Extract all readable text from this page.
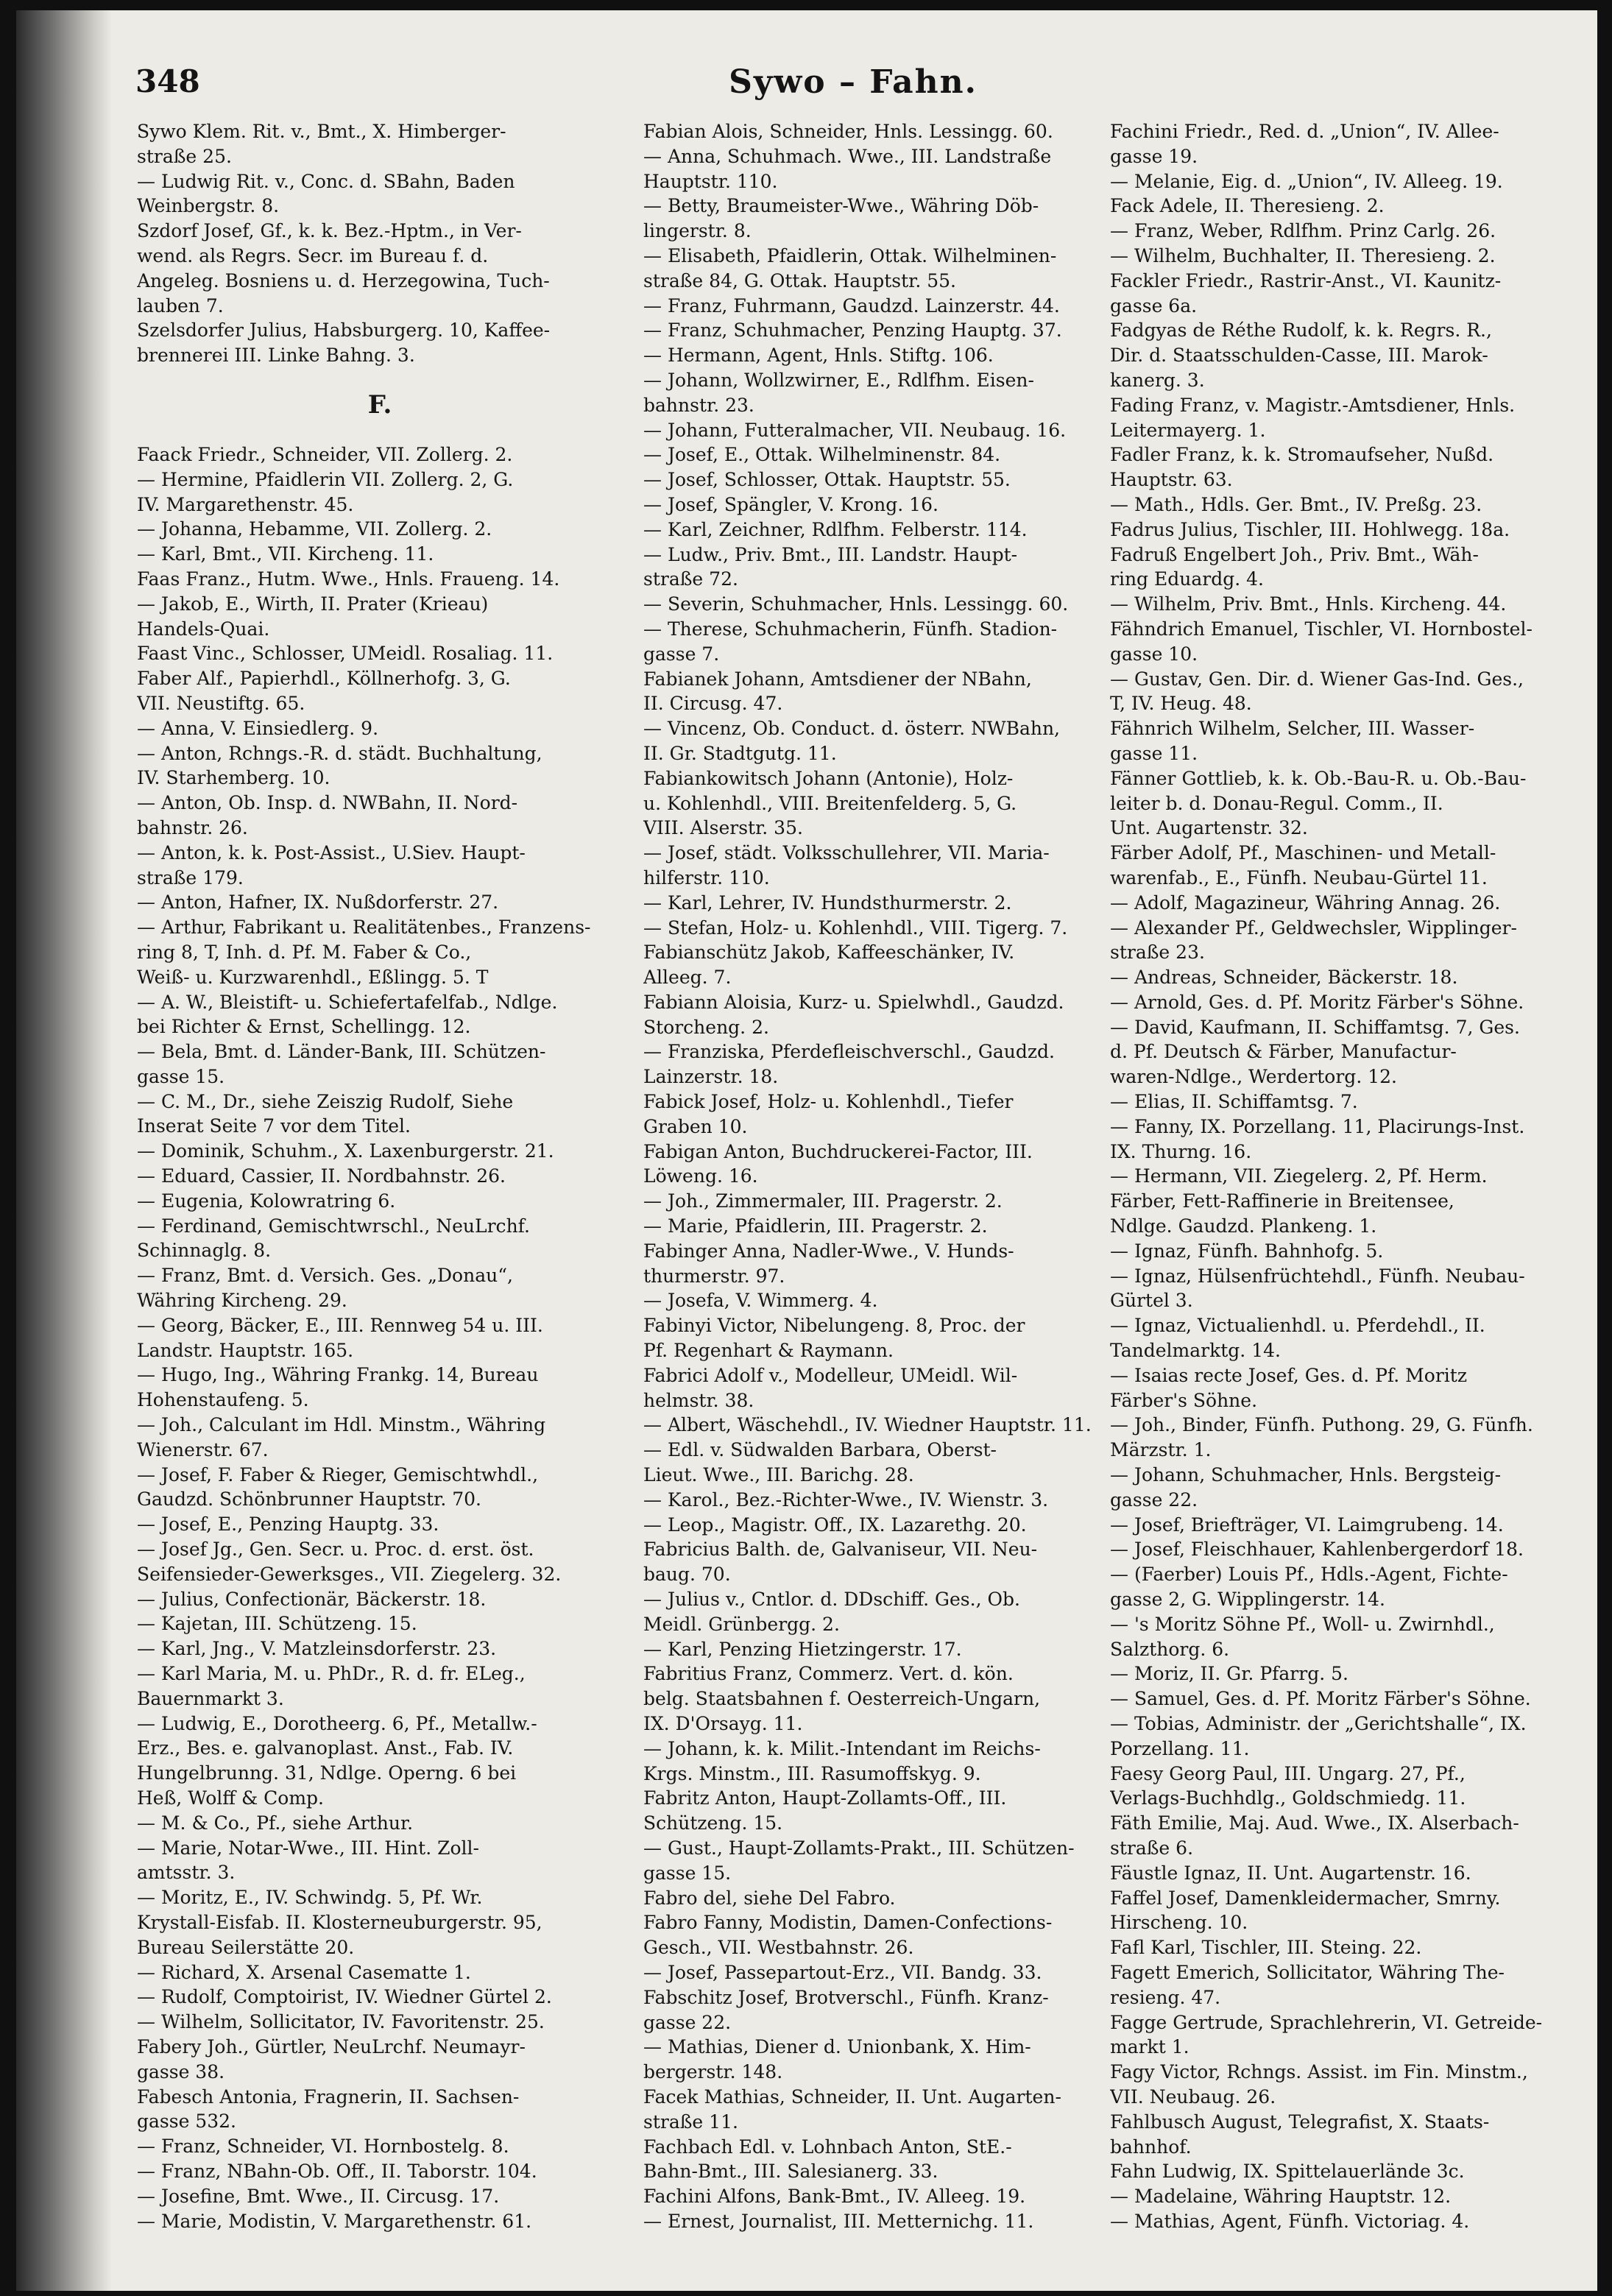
348	Sywo – Fahn.
Sywo Klem. Rit. v., Bmt., X. Himberger-
straße 25.
— Ludwig Rit. v., Conc. d. SBahn, Baden
Weinbergstr. 8.
Szdorf Josef, Gf., k. k. Bez.-Hptm., in Ver-
wend. als Regrs. Secr. im Bureau f. d.
Angeleg. Bosniens u. d. Herzegowina, Tuch-
lauben 7.
Szelsdorfer Julius, Habsburgerg. 10, Kaffee-
brennerei III. Linke Bahng. 3.
F.
Faack Friedr., Schneider, VII. Zollerg. 2.
— Hermine, Pfaidlerin VII. Zollerg. 2, G.
IV. Margarethenstr. 45.
— Johanna, Hebamme, VII. Zollerg. 2.
— Karl, Bmt., VII. Kircheng. 11.
Faas Franz., Hutm. Wwe., Hnls. Fraueng. 14.
— Jakob, E., Wirth, II. Prater (Krieau)
Handels-Quai.
Faast Vinc., Schlosser, UMeidl. Rosaliag. 11.
Faber Alf., Papierhdl., Köllnerhofg. 3, G.
VII. Neustiftg. 65.
— Anna, V. Einsiedlerg. 9.
— Anton, Rchngs.-R. d. städt. Buchhaltung,
IV. Starhemberg. 10.
— Anton, Ob. Insp. d. NWBahn, II. Nord-
bahnstr. 26.
— Anton, k. k. Post-Assist., U.Siev. Haupt-
straße 179.
— Anton, Hafner, IX. Nußdorferstr. 27.
— Arthur, Fabrikant u. Realitätenbes., Franzens-
ring 8, T, Inh. d. Pf. M. Faber & Co.,
Weiß- u. Kurzwarenhdl., Eßlingg. 5. T
— A. W., Bleistift- u. Schiefertafelfab., Ndlge.
bei Richter & Ernst, Schellingg. 12.
— Bela, Bmt. d. Länder-Bank, III. Schützen-
gasse 15.
— C. M., Dr., siehe Zeiszig Rudolf, Siehe
Inserat Seite 7 vor dem Titel.
— Dominik, Schuhm., X. Laxenburgerstr. 21.
— Eduard, Cassier, II. Nordbahnstr. 26.
— Eugenia, Kolowratring 6.
— Ferdinand, Gemischtwrschl., NeuLrchf.
Schinnaglg. 8.
— Franz, Bmt. d. Versich. Ges. „Donau“,
Währing Kircheng. 29.
— Georg, Bäcker, E., III. Rennweg 54 u. III.
Landstr. Hauptstr. 165.
— Hugo, Ing., Währing Frankg. 14, Bureau
Hohenstaufeng. 5.
— Joh., Calculant im Hdl. Minstm., Währing
Wienerstr. 67.
— Josef, F. Faber & Rieger, Gemischtwhdl.,
Gaudzd. Schönbrunner Hauptstr. 70.
— Josef, E., Penzing Hauptg. 33.
— Josef Jg., Gen. Secr. u. Proc. d. erst. öst.
Seifensieder-Gewerksges., VII. Ziegelerg. 32.
— Julius, Confectionär, Bäckerstr. 18.
— Kajetan, III. Schützeng. 15.
— Karl, Jng., V. Matzleinsdorferstr. 23.
— Karl Maria, M. u. PhDr., R. d. fr. ELeg.,
Bauernmarkt 3.
— Ludwig, E., Dorotheerg. 6, Pf., Metallw.-
Erz., Bes. e. galvanoplast. Anst., Fab. IV.
Hungelbrunng. 31, Ndlge. Operng. 6 bei
Heß, Wolff & Comp.
— M. & Co., Pf., siehe Arthur.
— Marie, Notar-Wwe., III. Hint. Zoll-
amtsstr. 3.
— Moritz, E., IV. Schwindg. 5, Pf. Wr.
Krystall-Eisfab. II. Klosterneuburgerstr. 95,
Bureau Seilerstätte 20.
— Richard, X. Arsenal Casematte 1.
— Rudolf, Comptoirist, IV. Wiedner Gürtel 2.
— Wilhelm, Sollicitator, IV. Favoritenstr. 25.
Fabery Joh., Gürtler, NeuLrchf. Neumayr-
gasse 38.
Fabesch Antonia, Fragnerin, II. Sachsen-
gasse 532.
— Franz, Schneider, VI. Hornbostelg. 8.
— Franz, NBahn-Ob. Off., II. Taborstr. 104.
— Josefine, Bmt. Wwe., II. Circusg. 17.
— Marie, Modistin, V. Margarethenstr. 61.
Fabian Alois, Schneider, Hnls. Lessingg. 60.
— Anna, Schuhmach. Wwe., III. Landstraße
Hauptstr. 110.
— Betty, Braumeister-Wwe., Währing Döb-
lingerstr. 8.
— Elisabeth, Pfaidlerin, Ottak. Wilhelminen-
straße 84, G. Ottak. Hauptstr. 55.
— Franz, Fuhrmann, Gaudzd. Lainzerstr. 44.
— Franz, Schuhmacher, Penzing Hauptg. 37.
— Hermann, Agent, Hnls. Stiftg. 106.
— Johann, Wollzwirner, E., Rdlfhm. Eisen-
bahnstr. 23.
— Johann, Futteralmacher, VII. Neubaug. 16.
— Josef, E., Ottak. Wilhelminenstr. 84.
— Josef, Schlosser, Ottak. Hauptstr. 55.
— Josef, Spängler, V. Krong. 16.
— Karl, Zeichner, Rdlfhm. Felberstr. 114.
— Ludw., Priv. Bmt., III. Landstr. Haupt-
straße 72.
— Severin, Schuhmacher, Hnls. Lessingg. 60.
— Therese, Schuhmacherin, Fünfh. Stadion-
gasse 7.
Fabianek Johann, Amtsdiener der NBahn,
II. Circusg. 47.
— Vincenz, Ob. Conduct. d. österr. NWBahn,
II. Gr. Stadtgutg. 11.
Fabiankowitsch Johann (Antonie), Holz-
u. Kohlenhdl., VIII. Breitenfelderg. 5, G.
VIII. Alserstr. 35.
— Josef, städt. Volksschullehrer, VII. Maria-
hilferstr. 110.
— Karl, Lehrer, IV. Hundsthurmerstr. 2.
— Stefan, Holz- u. Kohlenhdl., VIII. Tigerg. 7.
Fabianschütz Jakob, Kaffeeschänker, IV.
Alleeg. 7.
Fabiann Aloisia, Kurz- u. Spielwhdl., Gaudzd.
Storcheng. 2.
— Franziska, Pferdefleischverschl., Gaudzd.
Lainzerstr. 18.
Fabick Josef, Holz- u. Kohlenhdl., Tiefer
Graben 10.
Fabigan Anton, Buchdruckerei-Factor, III.
Löweng. 16.
— Joh., Zimmermaler, III. Pragerstr. 2.
— Marie, Pfaidlerin, III. Pragerstr. 2.
Fabinger Anna, Nadler-Wwe., V. Hunds-
thurmerstr. 97.
— Josefa, V. Wimmerg. 4.
Fabinyi Victor, Nibelungeng. 8, Proc. der
Pf. Regenhart & Raymann.
Fabrici Adolf v., Modelleur, UMeidl. Wil-
helmstr. 38.
— Albert, Wäschehdl., IV. Wiedner Hauptstr. 11.
— Edl. v. Südwalden Barbara, Oberst-
Lieut. Wwe., III. Barichg. 28.
— Karol., Bez.-Richter-Wwe., IV. Wienstr. 3.
— Leop., Magistr. Off., IX. Lazarethg. 20.
Fabricius Balth. de, Galvaniseur, VII. Neu-
baug. 70.
— Julius v., Cntlor. d. DDschiff. Ges., Ob.
Meidl. Grünbergg. 2.
— Karl, Penzing Hietzingerstr. 17.
Fabritius Franz, Commerz. Vert. d. kön.
belg. Staatsbahnen f. Oesterreich-Ungarn,
IX. D'Orsayg. 11.
— Johann, k. k. Milit.-Intendant im Reichs-
Krgs. Minstm., III. Rasumoffskyg. 9.
Fabritz Anton, Haupt-Zollamts-Off., III.
Schützeng. 15.
— Gust., Haupt-Zollamts-Prakt., III. Schützen-
gasse 15.
Fabro del, siehe Del Fabro.
Fabro Fanny, Modistin, Damen-Confections-
Gesch., VII. Westbahnstr. 26.
— Josef, Passepartout-Erz., VII. Bandg. 33.
Fabschitz Josef, Brotverschl., Fünfh. Kranz-
gasse 22.
— Mathias, Diener d. Unionbank, X. Him-
bergerstr. 148.
Facek Mathias, Schneider, II. Unt. Augarten-
straße 11.
Fachbach Edl. v. Lohnbach Anton, StE.-
Bahn-Bmt., III. Salesianerg. 33.
Fachini Alfons, Bank-Bmt., IV. Alleeg. 19.
— Ernest, Journalist, III. Metternichg. 11.
Fachini Friedr., Red. d. „Union“, IV. Allee-
gasse 19.
— Melanie, Eig. d. „Union“, IV. Alleeg. 19.
Fack Adele, II. Theresieng. 2.
— Franz, Weber, Rdlfhm. Prinz Carlg. 26.
— Wilhelm, Buchhalter, II. Theresieng. 2.
Fackler Friedr., Rastrir-Anst., VI. Kaunitz-
gasse 6a.
Fadgyas de Réthe Rudolf, k. k. Regrs. R.,
Dir. d. Staatsschulden-Casse, III. Marok-
kanerg. 3.
Fading Franz, v. Magistr.-Amtsdiener, Hnls.
Leitermayerg. 1.
Fadler Franz, k. k. Stromaufseher, Nußd.
Hauptstr. 63.
— Math., Hdls. Ger. Bmt., IV. Preßg. 23.
Fadrus Julius, Tischler, III. Hohlwegg. 18a.
Fadruß Engelbert Joh., Priv. Bmt., Wäh-
ring Eduardg. 4.
— Wilhelm, Priv. Bmt., Hnls. Kircheng. 44.
Fähndrich Emanuel, Tischler, VI. Hornbostel-
gasse 10.
— Gustav, Gen. Dir. d. Wiener Gas-Ind. Ges.,
T, IV. Heug. 48.
Fähnrich Wilhelm, Selcher, III. Wasser-
gasse 11.
Fänner Gottlieb, k. k. Ob.-Bau-R. u. Ob.-Bau-
leiter b. d. Donau-Regul. Comm., II.
Unt. Augartenstr. 32.
Färber Adolf, Pf., Maschinen- und Metall-
warenfab., E., Fünfh. Neubau-Gürtel 11.
— Adolf, Magazineur, Währing Annag. 26.
— Alexander Pf., Geldwechsler, Wipplinger-
straße 23.
— Andreas, Schneider, Bäckerstr. 18.
— Arnold, Ges. d. Pf. Moritz Färber's Söhne.
— David, Kaufmann, II. Schiffamtsg. 7, Ges.
d. Pf. Deutsch & Färber, Manufactur-
waren-Ndlge., Werdertorg. 12.
— Elias, II. Schiffamtsg. 7.
— Fanny, IX. Porzellang. 11, Placirungs-Inst.
IX. Thurng. 16.
— Hermann, VII. Ziegelerg. 2, Pf. Herm.
Färber, Fett-Raffinerie in Breitensee,
Ndlge. Gaudzd. Plankeng. 1.
— Ignaz, Fünfh. Bahnhofg. 5.
— Ignaz, Hülsenfrüchtehdl., Fünfh. Neubau-
Gürtel 3.
— Ignaz, Victualienhdl. u. Pferdehdl., II.
Tandelmarktg. 14.
— Isaias recte Josef, Ges. d. Pf. Moritz
Färber's Söhne.
— Joh., Binder, Fünfh. Puthong. 29, G. Fünfh.
Märzstr. 1.
— Johann, Schuhmacher, Hnls. Bergsteig-
gasse 22.
— Josef, Briefträger, VI. Laimgrubeng. 14.
— Josef, Fleischhauer, Kahlenbergerdorf 18.
— (Faerber) Louis Pf., Hdls.-Agent, Fichte-
gasse 2, G. Wipplingerstr. 14.
— 's Moritz Söhne Pf., Woll- u. Zwirnhdl.,
Salzthorg. 6.
— Moriz, II. Gr. Pfarrg. 5.
— Samuel, Ges. d. Pf. Moritz Färber's Söhne.
— Tobias, Administr. der „Gerichtshalle“, IX.
Porzellang. 11.
Faesy Georg Paul, III. Ungarg. 27, Pf.,
Verlags-Buchhdlg., Goldschmiedg. 11.
Fäth Emilie, Maj. Aud. Wwe., IX. Alserbach-
straße 6.
Fäustle Ignaz, II. Unt. Augartenstr. 16.
Faffel Josef, Damenkleidermacher, Smrny.
Hirscheng. 10.
Fafl Karl, Tischler, III. Steing. 22.
Fagett Emerich, Sollicitator, Währing The-
resieng. 47.
Fagge Gertrude, Sprachlehrerin, VI. Getreide-
markt 1.
Fagy Victor, Rchngs. Assist. im Fin. Minstm.,
VII. Neubaug. 26.
Fahlbusch August, Telegrafist, X. Staats-
bahnhof.
Fahn Ludwig, IX. Spittelauerlände 3c.
— Madelaine, Währing Hauptstr. 12.
— Mathias, Agent, Fünfh. Victoriag. 4.
